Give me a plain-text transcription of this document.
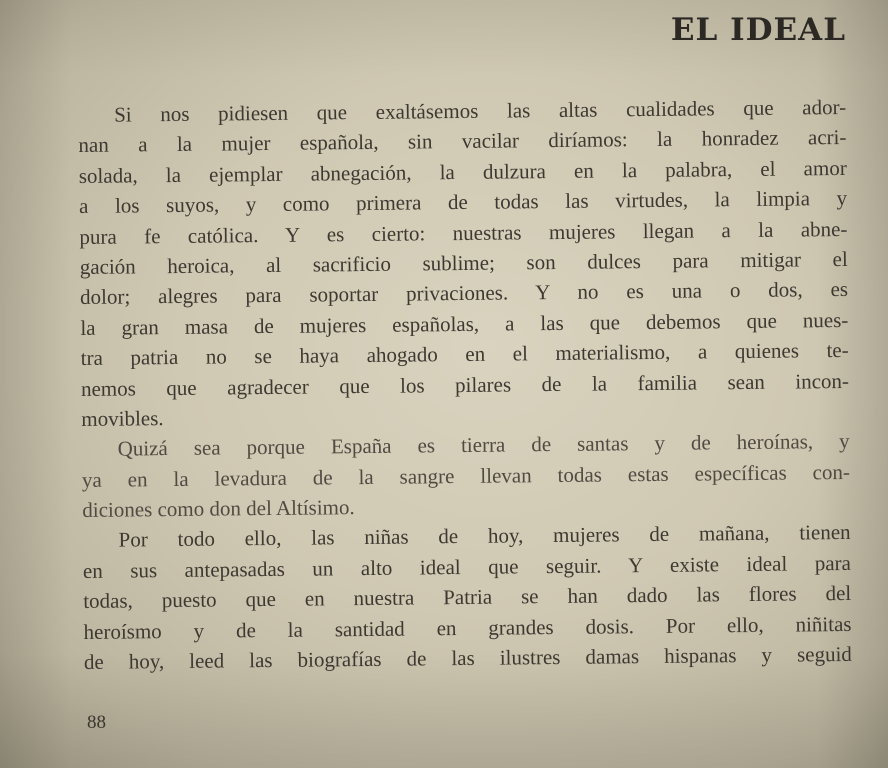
EL IDEAL
Si nos pidiesen que exaltásemos las altas cualidades que ador-
nan a la mujer española, sin vacilar diríamos: la honradez acri-
solada, la ejemplar abnegación, la dulzura en la palabra, el amor
a los suyos, y como primera de todas las virtudes, la limpia y
pura fe católica. Y es cierto: nuestras mujeres llegan a la abne-
gación heroica, al sacrificio sublime; son dulces para mitigar el
dolor; alegres para soportar privaciones. Y no es una o dos, es
la gran masa de mujeres españolas, a las que debemos que nues-
tra patria no se haya ahogado en el materialismo, a quienes te-
nemos que agradecer que los pilares de la familia sean incon-
movibles.
Quizá sea porque España es tierra de santas y de heroínas, y
ya en la levadura de la sangre llevan todas estas específicas con-
diciones como don del Altísimo.
Por todo ello, las niñas de hoy, mujeres de mañana, tienen
en sus antepasadas un alto ideal que seguir. Y existe ideal para
todas, puesto que en nuestra Patria se han dado las flores del
heroísmo y de la santidad en grandes dosis. Por ello, niñitas
de hoy, leed las biografías de las ilustres damas hispanas y seguid
88
